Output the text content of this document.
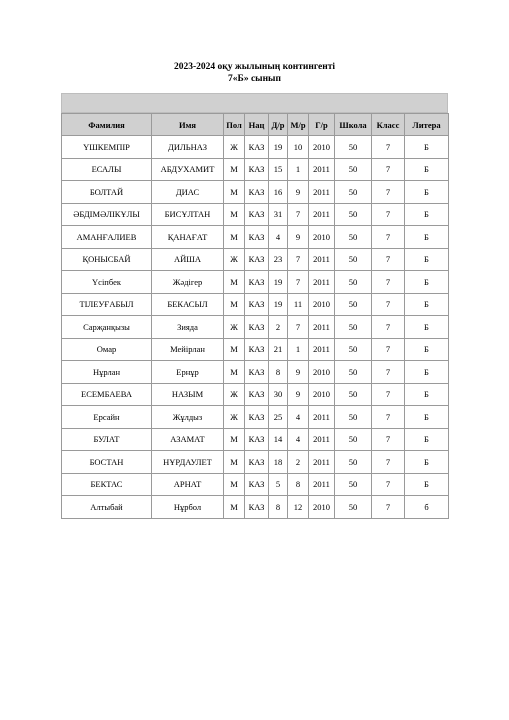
2023-2024 оқу жылының контингенті
7«Б» сынып
Фамилия	Имя	Пол	Нац	Д/р	М/р	Г/р	Школа	Класс	Литера
ҮШКЕМПІР	ДИЛЬНАЗ	Ж	КАЗ	19	10	2010	50	7	Б
ЕСАЛЫ	АБДУХАМИТ	М	КАЗ	15	1	2011	50	7	Б
БОЛТАЙ	ДИАС	М	КАЗ	16	9	2011	50	7	Б
ӘБДІМӘЛІКҰЛЫ	БИСҰЛТАН	М	КАЗ	31	7	2011	50	7	Б
АМАНҒАЛИЕВ	ҚАНАҒАТ	М	КАЗ	4	9	2010	50	7	Б
ҚОНЫСБАЙ	АЙША	Ж	КАЗ	23	7	2011	50	7	Б
Үсіпбек	Жәдігер	М	КАЗ	19	7	2011	50	7	Б
ТІЛЕУҒАБЫЛ	БЕКАСЫЛ	М	КАЗ	19	11	2010	50	7	Б
Сарҗанқызы	Зияда	Ж	КАЗ	2	7	2011	50	7	Б
Омар	Мейірлан	М	КАЗ	21	1	2011	50	7	Б
Нұрлан	Ернұр	М	КАЗ	8	9	2010	50	7	Б
ЕСЕМБАЕВА	НАЗЫМ	Ж	КАЗ	30	9	2010	50	7	Б
Ерсайн	Жұлдыз	Ж	КАЗ	25	4	2011	50	7	Б
БУЛАТ	АЗАМАТ	М	КАЗ	14	4	2011	50	7	Б
БОСТАН	НҰРДАУЛЕТ	М	КАЗ	18	2	2011	50	7	Б
БЕКТАС	АРНАТ	М	КАЗ	5	8	2011	50	7	Б
Алтыбай	Нұрбол	М	КАЗ	8	12	2010	50	7	б
